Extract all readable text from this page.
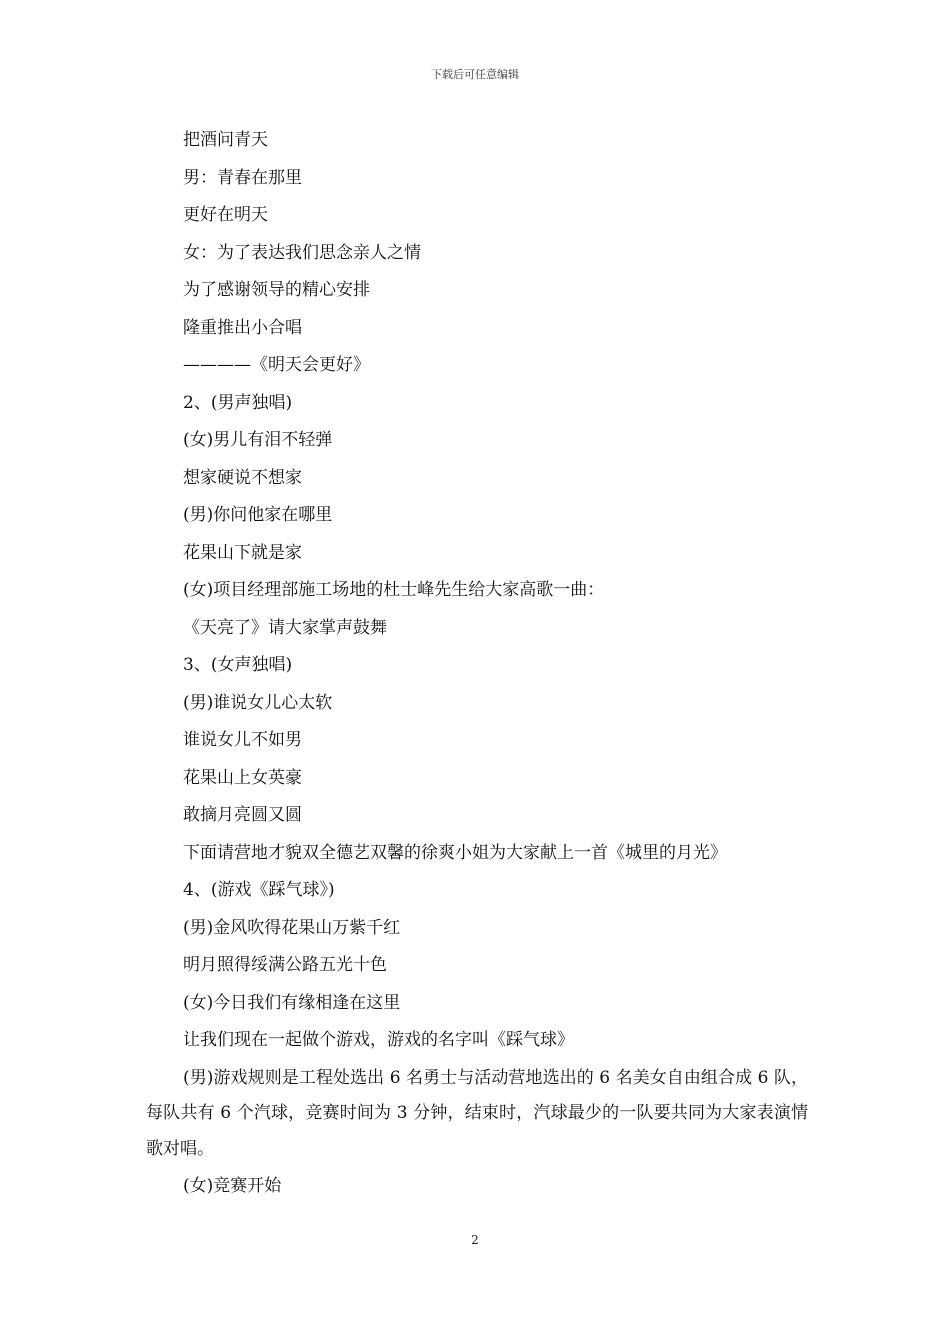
下载后可任意编辑

把酒问青天

男：青春在那里

更好在明天

女：为了表达我们思念亲人之情

为了感谢领导的精心安排

隆重推出小合唱

————《明天会更好》

2、(男声独唱)

(女)男儿有泪不轻弹

想家硬说不想家

(男)你问他家在哪里

花果山下就是家

(女)项目经理部施工场地的杜士峰先生给大家高歌一曲：

《天亮了》请大家掌声鼓舞

3、(女声独唱)

(男)谁说女儿心太软

谁说女儿不如男

花果山上女英豪

敢摘月亮圆又圆

下面请营地才貌双全德艺双馨的徐爽小姐为大家献上一首《城里的月光》

4、(游戏《踩气球》)

(男)金风吹得花果山万紫千红

明月照得绥满公路五光十色

(女)今日我们有缘相逢在这里

让我们现在一起做个游戏，游戏的名字叫《踩气球》

(男)游戏规则是工程处选出 6 名勇士与活动营地选出的 6 名美女自由组合成 6 队，每队共有 6 个汽球，竞赛时间为 3 分钟，结束时，汽球最少的一队要共同为大家表演情歌对唱。

(女)竞赛开始

2
